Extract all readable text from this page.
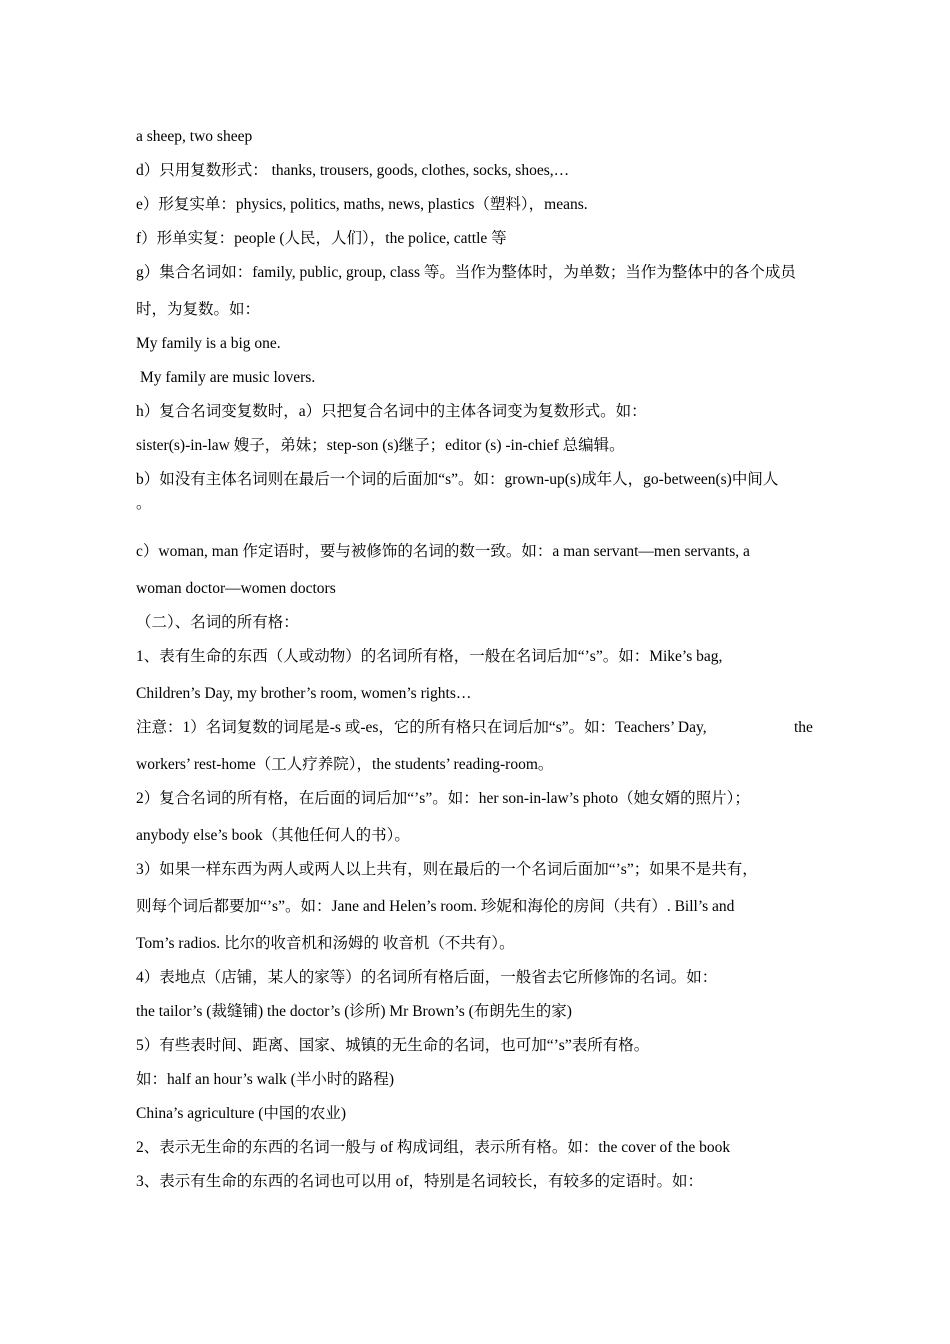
a sheep, two sheep
d）只用复数形式： thanks, trousers, goods, clothes, socks, shoes,…
e）形复实单：physics, politics, maths, news, plastics（塑料），means.
f）形单实复：people (人民，人们），the police, cattle 等
g）集合名词如：family, public, group, class 等。当作为整体时，为单数；当作为整体中的各个成员
时，为复数。如：
My family is a big one.
My family are music lovers.
h）复合名词变复数时，a）只把复合名词中的主体各词变为复数形式。如：
sister(s)-in-law 嫂子，弟妹；step-son (s)继子；editor (s) -in-chief 总编辑。
b）如没有主体名词则在最后一个词的后面加“s”。如：grown-up(s)成年人，go-between(s)中间人
。
c）woman, man 作定语时，要与被修饰的名词的数一致。如：a man servant—men servants, a
woman doctor—women doctors
（二）、名词的所有格：
1、表有生命的东西（人或动物）的名词所有格，一般在名词后加“’s”。如：Mike’s bag,
Children’s Day, my brother’s room, women’s rights…
注意：1）名词复数的词尾是-s 或-es，它的所有格只在词后加“s”。如：Teachers’ Day,	the
workers’ rest-home（工人疗养院），the students’ reading-room。
2）复合名词的所有格，在后面的词后加“’s”。如：her son-in-law’s photo（她女婿的照片）；
anybody else’s book（其他任何人的书）。
3）如果一样东西为两人或两人以上共有，则在最后的一个名词后面加“’s”；如果不是共有，
则每个词后都要加“’s”。如：Jane and Helen’s room. 珍妮和海伦的房间（共有）. Bill’s and
Tom’s radios. 比尔的收音机和汤姆的 收音机（不共有）。
4）表地点（店铺，某人的家等）的名词所有格后面，一般省去它所修饰的名词。如：
the tailor’s (裁缝铺) the doctor’s (诊所) Mr Brown’s (布朗先生的家)
5）有些表时间、距离、国家、城镇的无生命的名词，也可加“’s”表所有格。
如：half an hour’s walk (半小时的路程)
China’s agriculture (中国的农业)
2、表示无生命的东西的名词一般与 of 构成词组，表示所有格。如：the cover of the book
3、表示有生命的东西的名词也可以用 of，特别是名词较长，有较多的定语时。如：
